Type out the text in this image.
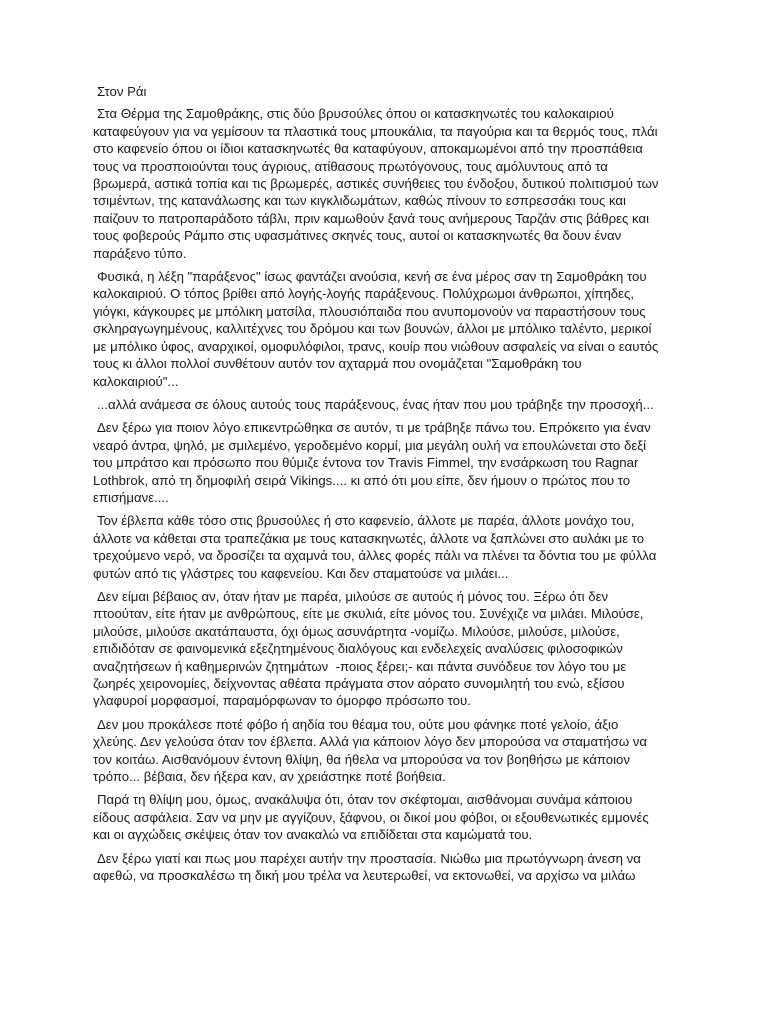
Στον Ράι

Στα Θέρμα της Σαμοθράκης, στις δύο βρυσούλες όπου οι κατασκηνωτές του καλοκαιριού καταφεύγουν για να γεμίσουν τα πλαστικά τους μπουκάλια, τα παγούρια και τα θερμός τους, πλάι στο καφενείο όπου οι ίδιοι κατασκηνωτές θα καταφύγουν, αποκαμωμένοι από την προσπάθεια τους να προσποιούνται τους άγριους, ατίθασους πρωτόγονους, τους αμόλυντους από τα βρωμερά, αστικά τοπία και τις βρωμερές, αστικές συνήθειες του ένδοξου, δυτικού πολιτισμού των τσιμέντων, της κατανάλωσης και των κιγκλιδωμάτων, καθώς πίνουν το εσπρεσσάκι τους και παίζουν το πατροπαράδοτο τάβλι, πριν καμωθούν ξανά τους ανήμερους Ταρζάν στις βάθρες και τους φοβερούς Ράμπο στις υφασμάτινες σκηνές τους, αυτοί οι κατασκηνωτές θα δουν έναν παράξενο τύπο.

Φυσικά, η λέξη "παράξενος" ίσως φαντάζει ανούσια, κενή σε ένα μέρος σαν τη Σαμοθράκη του καλοκαιριού. Ο τόπος βρίθει από λογής-λογής παράξενους. Πολύχρωμοι άνθρωποι, χίπηδες, γιόγκι, κάγκουρες με μπόλικη ματσίλα, πλουσιόπαιδα που ανυπομονούν να παραστήσουν τους σκληραγωγημένους, καλλιτέχνες του δρόμου και των βουνών, άλλοι με μπόλικο ταλέντο, μερικοί με μπόλικο ύφος, αναρχικοί, ομοφυλόφιλοι, τρανς, κουίρ που νιώθουν ασφαλείς να είναι ο εαυτός τους κι άλλοι πολλοί συνθέτουν αυτόν τον αχταρμά που ονομάζεται "Σαμοθράκη του καλοκαιριού"...

...αλλά ανάμεσα σε όλους αυτούς τους παράξενους, ένας ήταν που μου τράβηξε την προσοχή...

Δεν ξέρω για ποιον λόγο επικεντρώθηκα σε αυτόν, τι με τράβηξε πάνω του. Επρόκειτο για έναν νεαρό άντρα, ψηλό, με σμιλεμένο, γεροδεμένο κορμί, μια μεγάλη ουλή να επουλώνεται στο δεξί του μπράτσο και πρόσωπο που θύμιζε έντονα τον Travis Fimmel, την ενσάρκωση του Ragnar Lothbrok, από τη δημοφιλή σειρά Vikings.... κι από ότι μου είπε, δεν ήμουν ο πρώτος που το επισήμανε....

Τον έβλεπα κάθε τόσο στις βρυσούλες ή στο καφενείο, άλλοτε με παρέα, άλλοτε μονάχο του, άλλοτε να κάθεται στα τραπεζάκια με τους κατασκηνωτές, άλλοτε να ξαπλώνει στο αυλάκι με το τρεχούμενο νερό, να δροσίζει τα αχαμνά του, άλλες φορές πάλι να πλένει τα δόντια του με φύλλα φυτών από τις γλάστρες του καφενείου. Και δεν σταματούσε να μιλάει...

Δεν είμαι βέβαιος αν, όταν ήταν με παρέα, μιλούσε σε αυτούς ή μόνος του. Ξέρω ότι δεν πτοούταν, είτε ήταν με ανθρώπους, είτε με σκυλιά, είτε μόνος του. Συνέχιζε να μιλάει. Μιλούσε, μιλούσε, μιλούσε ακατάπαυστα, όχι όμως ασυνάρτητα -νομίζω. Μιλούσε, μιλούσε, μιλούσε, επιδιδόταν σε φαινομενικά εξεζητημένους διαλόγους και ενδελεχείς αναλύσεις φιλοσοφικών αναζητήσεων ή καθημερινών ζητημάτων  -ποιος ξέρει;- και πάντα συνόδευε τον λόγο του με ζωηρές χειρονομίες, δείχνοντας αθέατα πράγματα στον αόρατο συνομιλητή του ενώ, εξίσου γλαφυροί μορφασμοί, παραμόρφωναν το όμορφο πρόσωπο του.

Δεν μου προκάλεσε ποτέ φόβο ή αηδία του θέαμα του, ούτε μου φάνηκε ποτέ γελοίο, άξιο χλεύης. Δεν γελούσα όταν τον έβλεπα. Αλλά για κάποιον λόγο δεν μπορούσα να σταματήσω να τον κοιτάω. Αισθανόμουν έντονη θλίψη, θα ήθελα να μπορούσα να τον βοηθήσω με κάποιον τρόπο... βέβαια, δεν ήξερα καν, αν χρειάστηκε ποτέ βοήθεια.

Παρά τη θλίψη μου, όμως, ανακάλυψα ότι, όταν τον σκέφτομαι, αισθάνομαι συνάμα κάποιου είδους ασφάλεια. Σαν να μην με αγγίζουν, ξάφνου, οι δικοί μου φόβοι, οι εξουθενωτικές εμμονές και οι αγχώδεις σκέψεις όταν τον ανακαλώ να επιδίδεται στα καμώματά του.

Δεν ξέρω γιατί και πως μου παρέχει αυτήν την προστασία. Νιώθω μια πρωτόγνωρη άνεση να αφεθώ, να προσκαλέσω τη δική μου τρέλα να λευτερωθεί, να εκτονωθεί, να αρχίσω να μιλάω
